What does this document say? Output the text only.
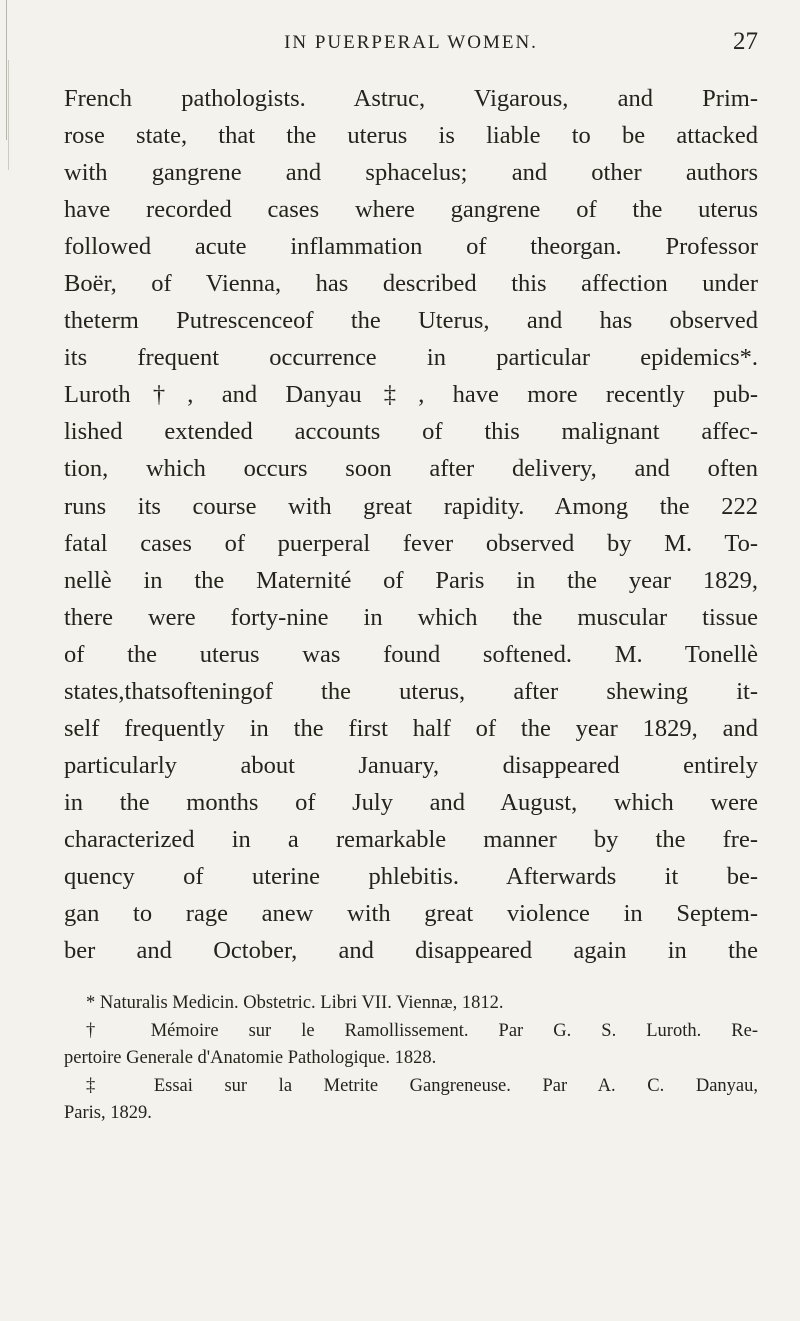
IN PUERPERAL WOMEN.	27
French pathologists. Astruc, Vigarous, and Prim-
rose state, that the uterus is liable to be attacked
with gangrene and sphacelus; and other authors
have recorded cases where gangrene of the uterus
followed acute inflammation of theorgan. Professor
Boër, of Vienna, has described this affection under
theterm Putrescenceof the Uterus, and has observed
its frequent occurrence in particular epidemics*.
Luroth†, and Danyau‡, have more recently pub-
lished extended accounts of this malignant affec-
tion, which occurs soon after delivery, and often
runs its course with great rapidity. Among the 222
fatal cases of puerperal fever observed by M. To-
nellè in the Maternité of Paris in the year 1829,
there were forty-nine in which the muscular tissue
of the uterus was found softened. M. Tonellè
states,thatsofteningof the uterus, after shewing it-
self frequently in the first half of the year 1829, and
particularly about January, disappeared entirely
in the months of July and August, which were
characterized in a remarkable manner by the fre-
quency of uterine phlebitis. Afterwards it be-
gan to rage anew with great violence in Septem-
ber and October, and disappeared again in the
* Naturalis Medicin. Obstetric. Libri VII. Viennæ, 1812.
† Mémoire sur le Ramollissement. Par G. S. Luroth. Re-
pertoire Generale d'Anatomie Pathologique. 1828.
‡ Essai sur la Metrite Gangreneuse. Par A. C. Danyau,
Paris, 1829.
